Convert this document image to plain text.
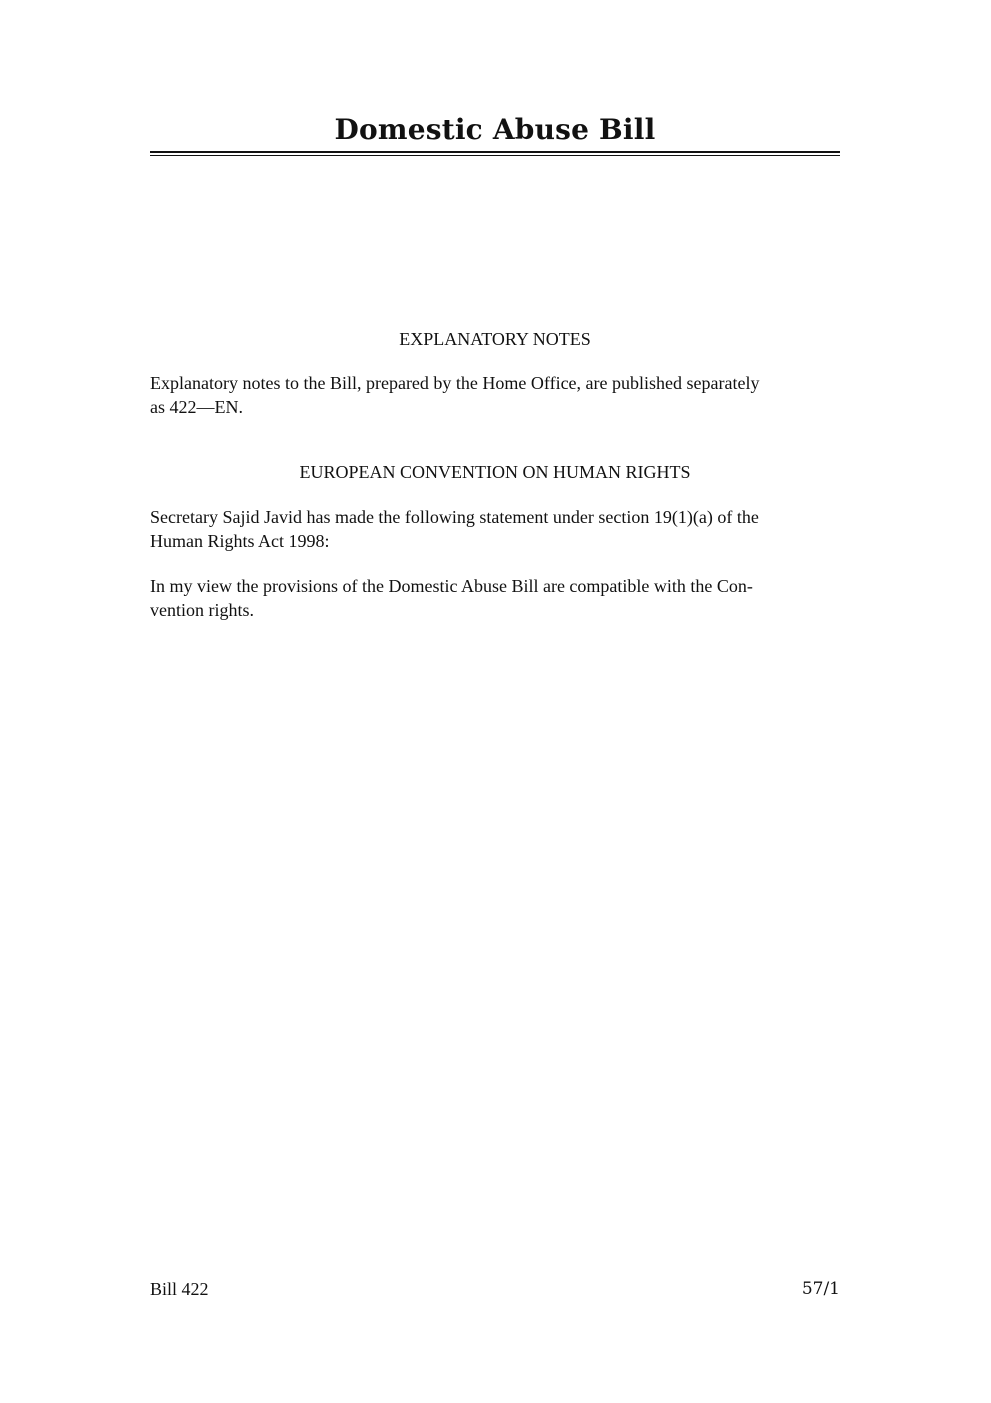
Domestic Abuse Bill

EXPLANATORY NOTES

Explanatory notes to the Bill, prepared by the Home Office, are published separately

as 422—EN.

EUROPEAN CONVENTION ON HUMAN RIGHTS

Secretary Sajid Javid has made the following statement under section 19(1)(a) of the

Human Rights Act 1998:

In my view the provisions of the Domestic Abuse Bill are compatible with the Con-

vention rights.

Bill 422	57/1
